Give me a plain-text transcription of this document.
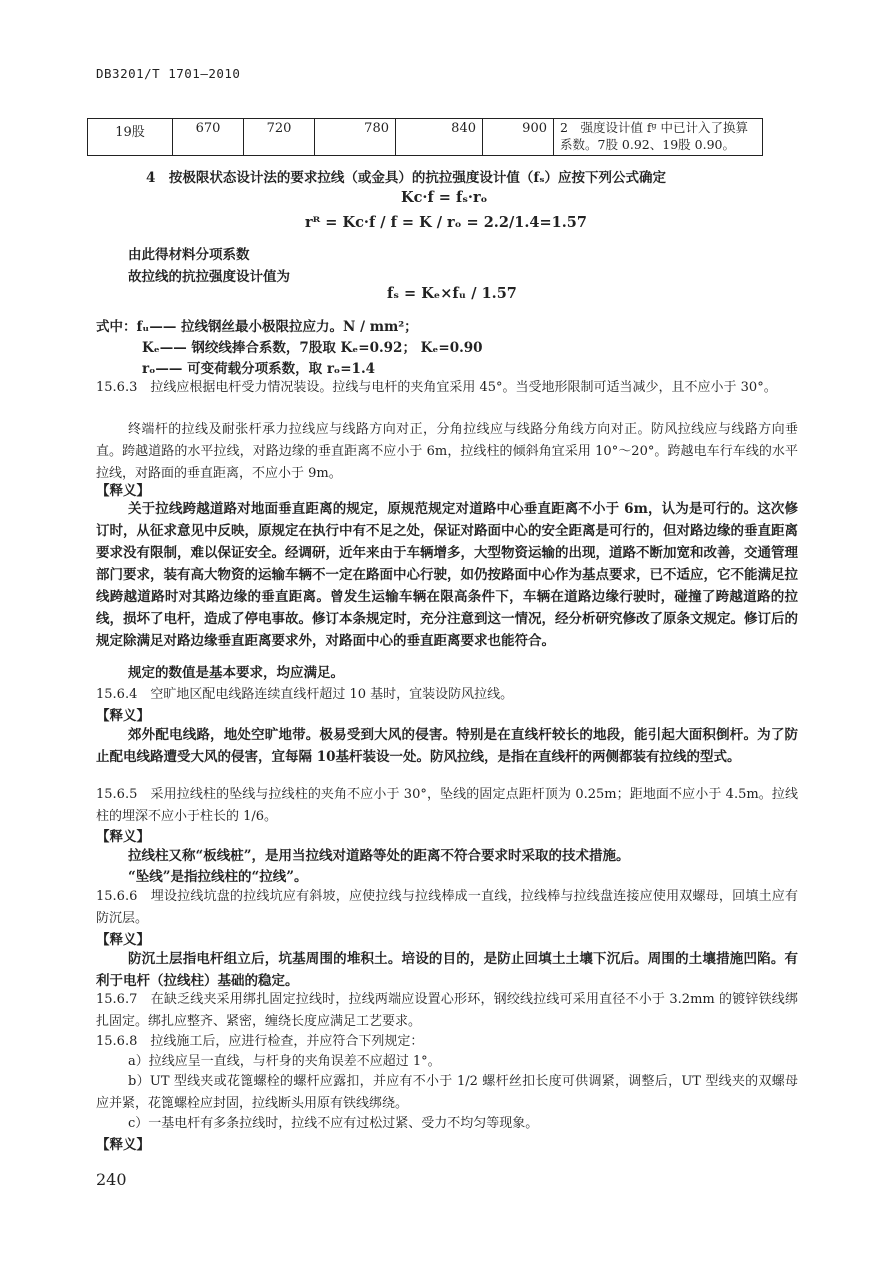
DB3201/T 1701—2010
19股	670	720	780	840	900	2　强度设计值 fᵍ 中已计入了换算系数。7股 0.92、19股 0.90。
4　按极限状态设计法的要求拉线（或金具）的抗拉强度设计值（fₛ）应按下列公式确定
Kc·f = fₛ·rₒ
rᴿ = Kc·f / f = K / rₒ = 2.2/1.4=1.57
由此得材料分项系数
故拉线的抗拉强度设计值为
fₛ = Kₑ×fᵤ / 1.57
式中：fᵤ—— 拉线钢丝最小极限拉应力。N / mm²；
Kₑ—— 钢绞线捧合系数，7股取 Kₑ=0.92； Kₑ=0.90
rₒ—— 可变荷载分项系数，取 rₒ=1.4
15.6.3　拉线应根据电杆受力情况装设。拉线与电杆的夹角宜采用 45°。当受地形限制可适当减少，且不应小于 30°。
终端杆的拉线及耐张杆承力拉线应与线路方向对正，分角拉线应与线路分角线方向对正。防风拉线应与线路方向垂直。跨越道路的水平拉线，对路边缘的垂直距离不应小于 6m，拉线柱的倾斜角宜采用 10°～20°。跨越电车行车线的水平拉线，对路面的垂直距离，不应小于 9m。
【释义】
关于拉线跨越道路对地面垂直距离的规定，原规范规定对道路中心垂直距离不小于 6m，认为是可行的。这次修订时，从征求意见中反映，原规定在执行中有不足之处，保证对路面中心的安全距离是可行的，但对路边缘的垂直距离要求没有限制，难以保证安全。经调研，近年来由于车辆增多，大型物资运输的出现，道路不断加宽和改善，交通管理部门要求，装有高大物资的运输车辆不一定在路面中心行驶，如仍按路面中心作为基点要求，已不适应，它不能满足拉线跨越道路时对其路边缘的垂直距离。曾发生运输车辆在限高条件下，车辆在道路边缘行驶时，碰撞了跨越道路的拉线，损坏了电杆，造成了停电事故。修订本条规定时，充分注意到这一情况，经分析研究修改了原条文规定。修订后的规定除满足对路边缘垂直距离要求外，对路面中心的垂直距离要求也能符合。
规定的数值是基本要求，均应满足。
15.6.4　空旷地区配电线路连续直线杆超过 10 基时，宜装设防风拉线。
【释义】
郊外配电线路，地处空旷地带。极易受到大风的侵害。特别是在直线杆较长的地段，能引起大面积倒杆。为了防止配电线路遭受大风的侵害，宜每隔 10基杆装设一处。防风拉线，是指在直线杆的两侧都装有拉线的型式。
15.6.5　采用拉线柱的坠线与拉线柱的夹角不应小于 30°，坠线的固定点距杆顶为 0.25m；距地面不应小于 4.5m。拉线柱的埋深不应小于柱长的 1/6。
【释义】
拉线柱又称“板线桩”，是用当拉线对道路等处的距离不符合要求时采取的技术措施。
“坠线”是指拉线柱的“拉线”。
15.6.6　埋设拉线坑盘的拉线坑应有斜坡，应使拉线与拉线棒成一直线，拉线棒与拉线盘连接应使用双螺母，回填土应有防沉层。
【释义】
防沉土层指电杆组立后，坑基周围的堆积土。培设的目的，是防止回填土土壤下沉后。周围的土壤措施凹陷。有利于电杆（拉线柱）基础的稳定。
15.6.7　在缺乏线夹采用绑扎固定拉线时，拉线两端应设置心形环，钢绞线拉线可采用直径不小于 3.2mm 的镀锌铁线绑扎固定。绑扎应整齐、紧密，缠绕长度应满足工艺要求。
15.6.8　拉线施工后，应进行检查，并应符合下列规定：
a）拉线应呈一直线，与杆身的夹角误差不应超过 1°。
b）UT 型线夹或花篦螺栓的螺杆应露扣，并应有不小于 1/2 螺杆丝扣长度可供调紧，调整后，UT 型线夹的双螺母应并紧，花篦螺栓应封固，拉线断头用原有铁线绑绕。
c）一基电杆有多条拉线时，拉线不应有过松过紧、受力不均匀等现象。
【释义】
240
